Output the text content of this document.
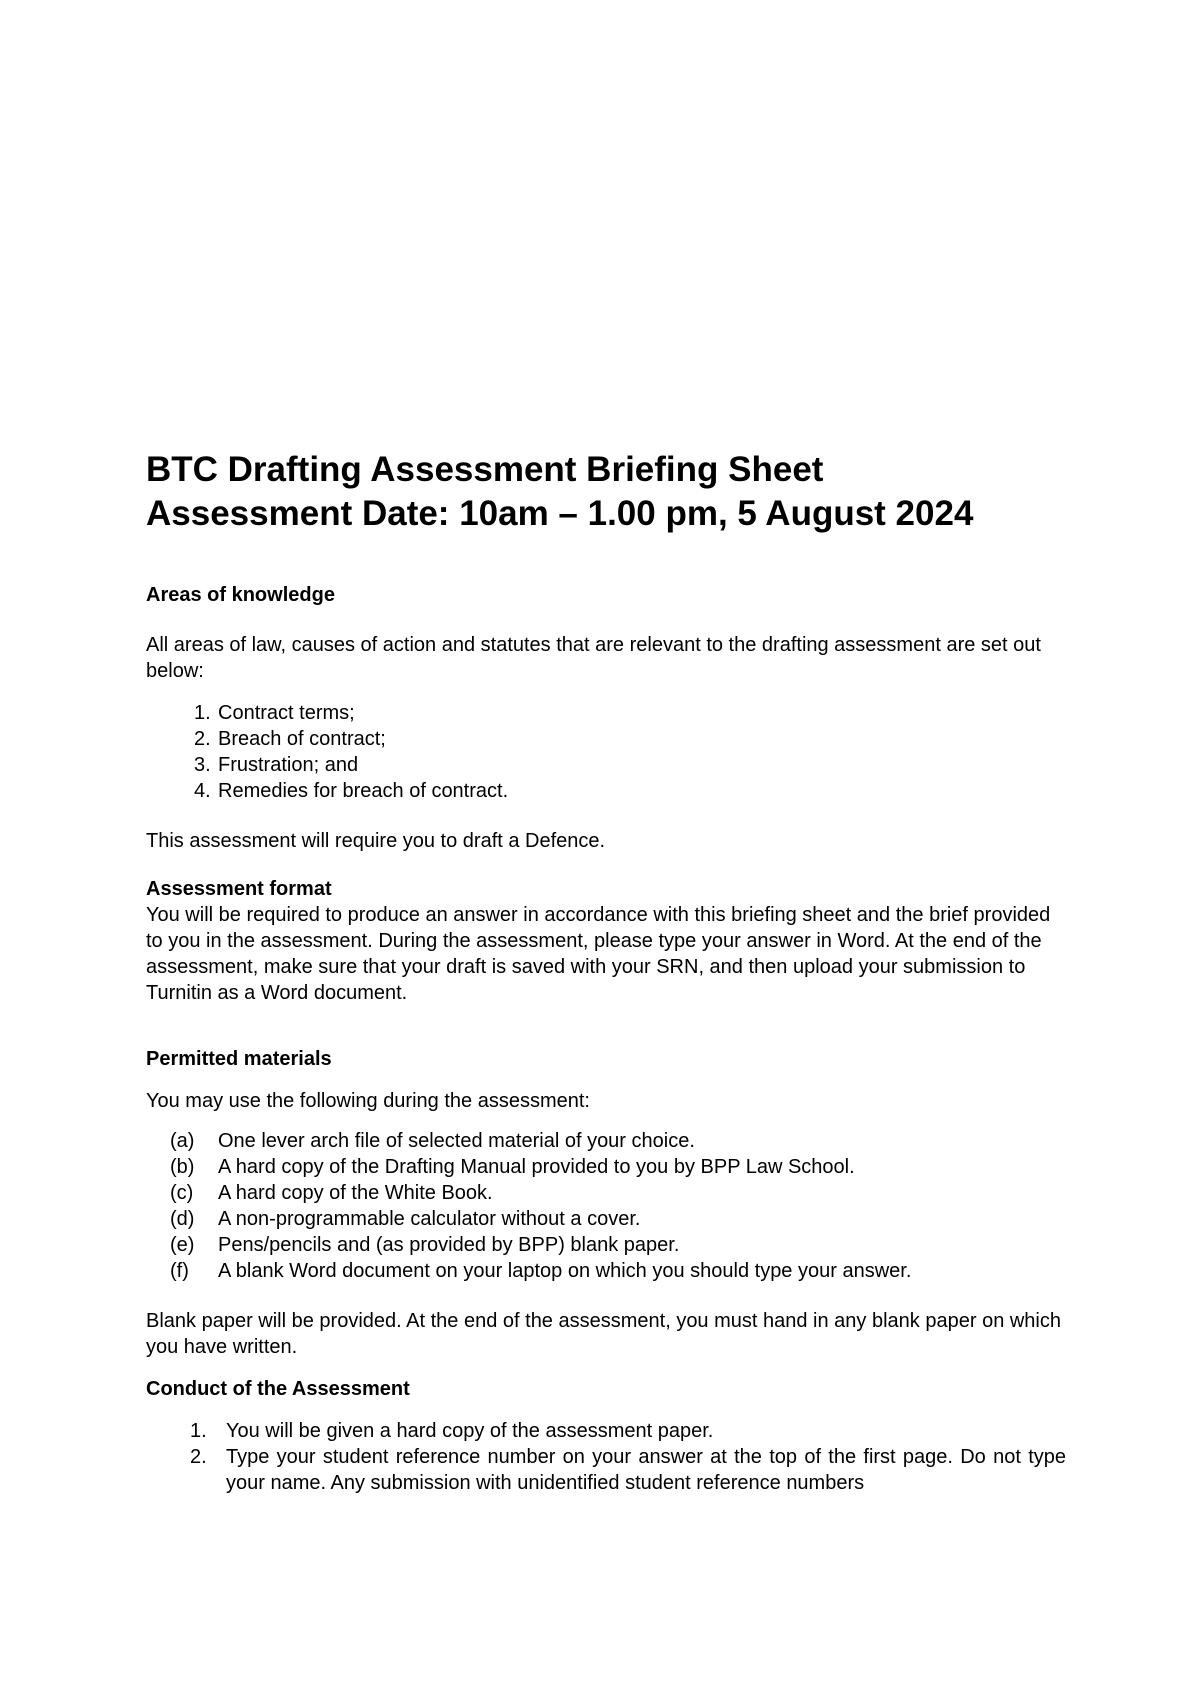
BTC Drafting Assessment Briefing Sheet
Assessment Date: 10am – 1.00 pm, 5 August 2024

Areas of knowledge

All areas of law, causes of action and statutes that are relevant to the drafting assessment are set out below:

1. Contract terms;
2. Breach of contract;
3. Frustration; and
4. Remedies for breach of contract.

This assessment will require you to draft a Defence.

Assessment format

You will be required to produce an answer in accordance with this briefing sheet and the brief provided to you in the assessment. During the assessment, please type your answer in Word. At the end of the assessment, make sure that your draft is saved with your SRN, and then upload your submission to Turnitin as a Word document.

Permitted materials

You may use the following during the assessment:

(a) One lever arch file of selected material of your choice.
(b) A hard copy of the Drafting Manual provided to you by BPP Law School.
(c) A hard copy of the White Book.
(d) A non-programmable calculator without a cover.
(e) Pens/pencils and (as provided by BPP) blank paper.
(f) A blank Word document on your laptop on which you should type your answer.

Blank paper will be provided. At the end of the assessment, you must hand in any blank paper on which you have written.

Conduct of the Assessment

1. You will be given a hard copy of the assessment paper.
2. Type your student reference number on your answer at the top of the first page. Do not type your name. Any submission with unidentified student reference numbers
